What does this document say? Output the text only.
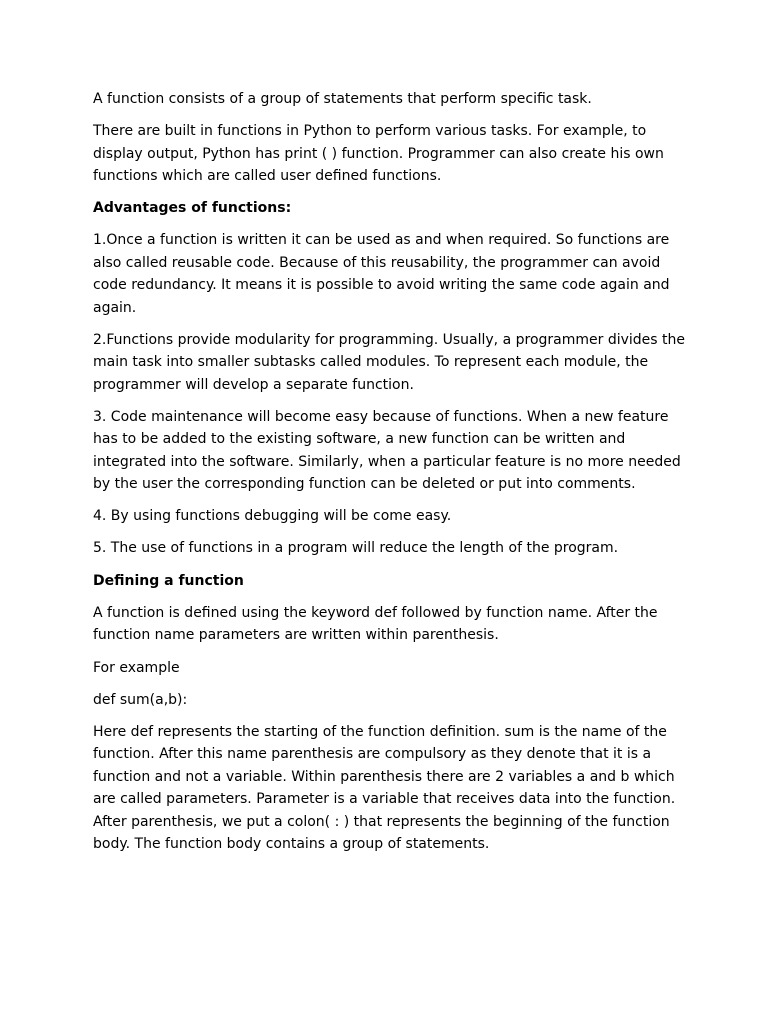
A function consists of a group of statements that perform specific task.

There are built in functions in Python to perform various tasks. For example, to display output, Python has print ( ) function. Programmer can also create his own functions which are called user defined functions.

Advantages of functions:

1.Once a function is written it can be used as and when required. So functions are also called reusable code. Because of this reusability, the programmer can avoid code redundancy. It means it is possible to avoid writing the same code again and again.

2.Functions provide modularity for programming. Usually, a programmer divides the main task into smaller subtasks called modules. To represent each module, the programmer will develop a separate function.

3. Code maintenance will become easy because of functions. When a new feature has to be added to the existing software, a new function can be written and integrated into the software. Similarly, when a particular feature is no more needed by the user the corresponding function can be deleted or put into comments.

4. By using functions debugging will be come easy.

5. The use of functions in a program will reduce the length of the program.

Defining a function

A function is defined using the keyword def followed by function name. After the function name parameters are written within parenthesis.

For example

def sum(a,b):

Here def represents the starting of the function definition. sum is the name of the function. After this name parenthesis are compulsory as they denote that it is a function and not a variable. Within parenthesis there are 2 variables a and b which are called parameters. Parameter is a variable that receives data into the function. After parenthesis, we put a colon( : ) that represents the beginning of the function body. The function body contains a group of statements.
